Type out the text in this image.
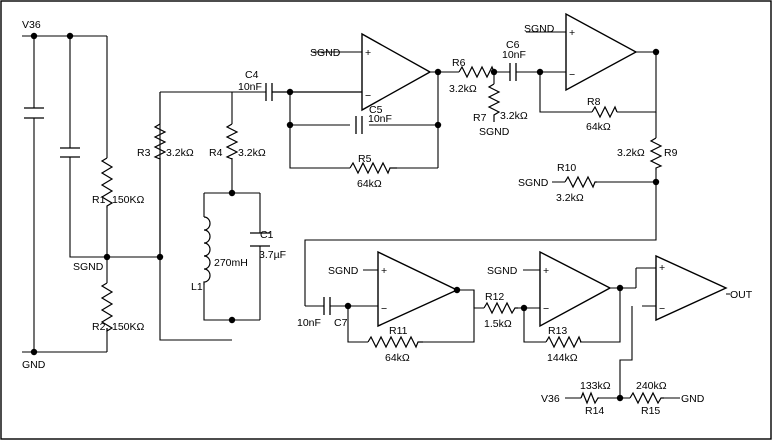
R1 150KΩ
R2 150KΩ
V36
SGND
GND
R3 3.2kΩ R4 3.2kΩ
270mH
L1
C1
3.7µF
C4
10nF
+
−
SGND
C5
10nF
R5
64kΩ
R6
3.2kΩ
R7 3.2kΩ
SGND
C6
10nF
+
−
SGND
R8
64kΩ
3.2kΩ R9
R10
3.2kΩ
SGND
10nF C7
+
−
SGND
R11
64kΩ
R12
1.5kΩ
+
−
SGND
R13
144kΩ
+
−
OUT
133kΩ
R14
240kΩ
R15
V36	GND
